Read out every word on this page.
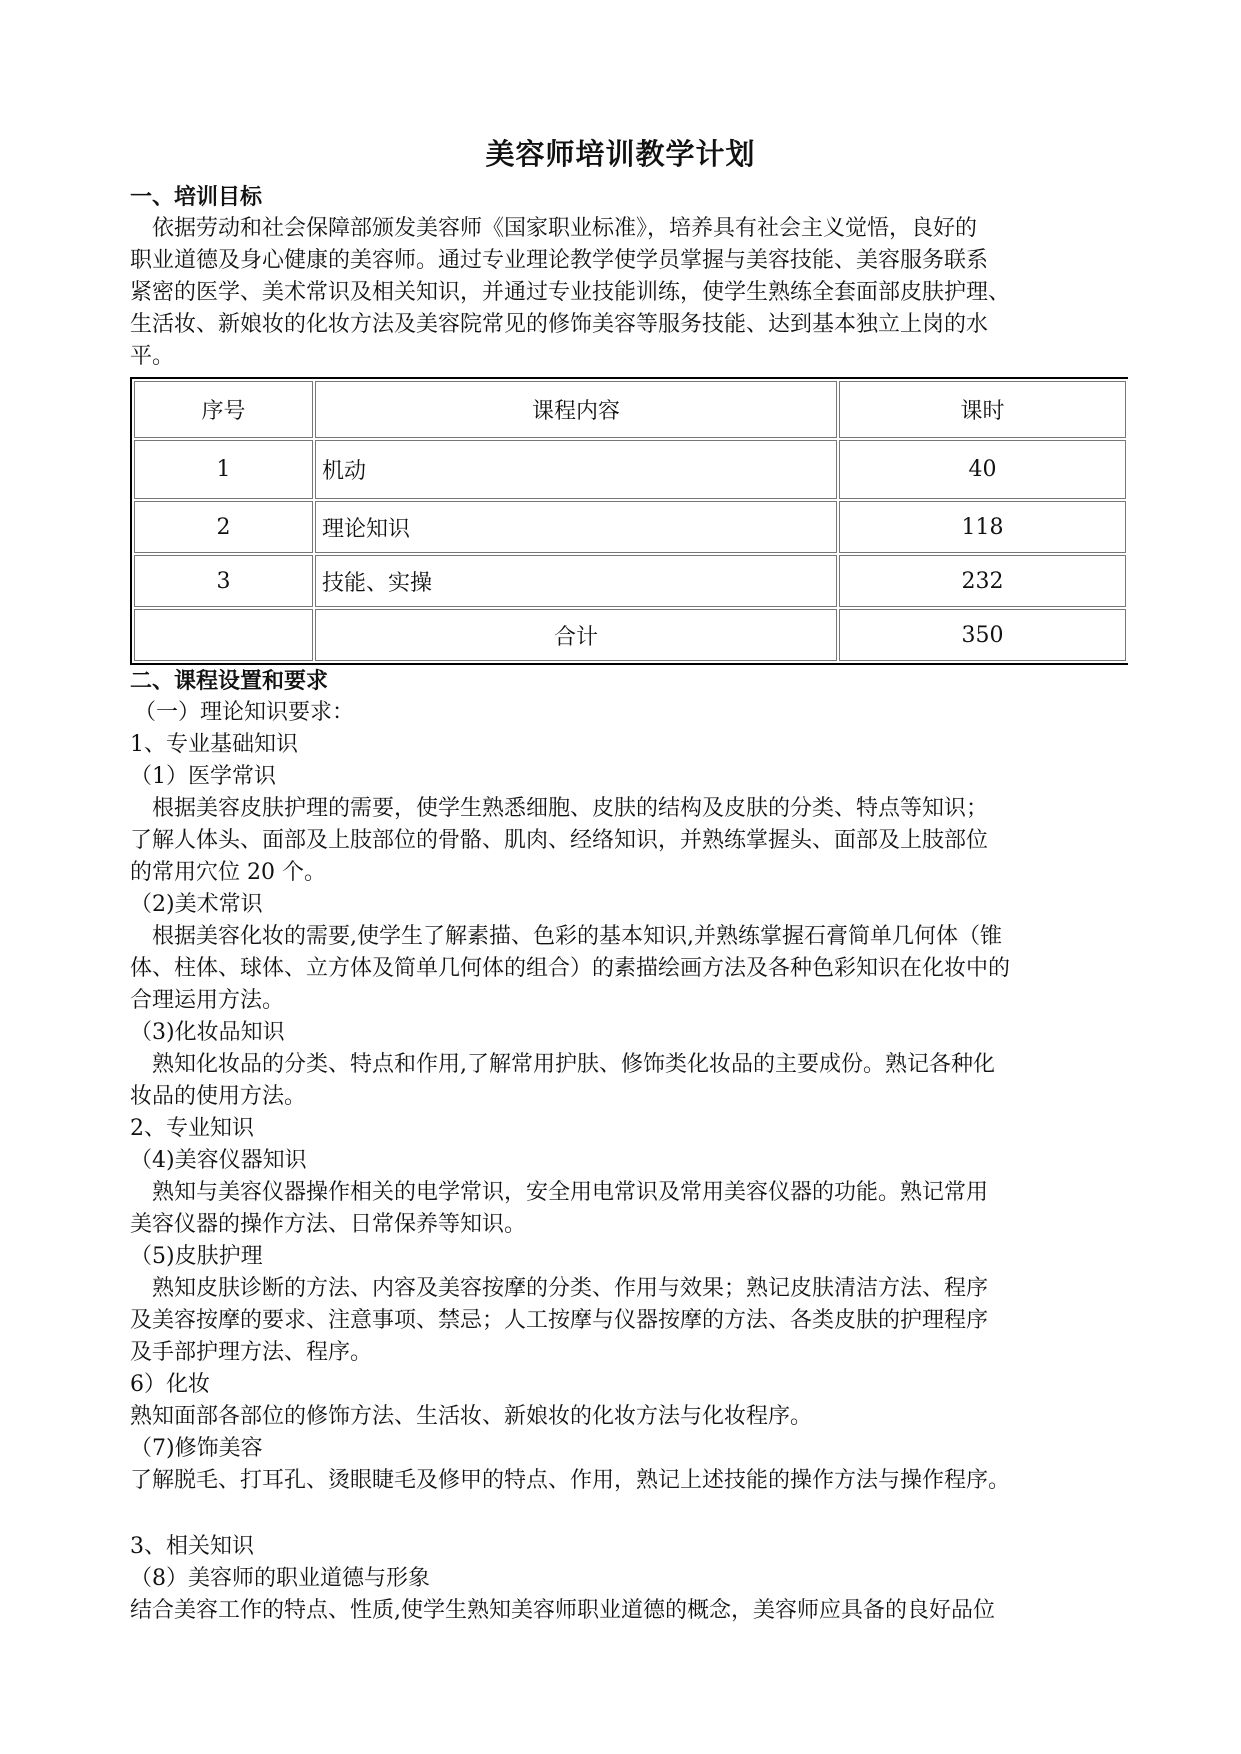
美容师培训教学计划
一、培训目标
依据劳动和社会保障部颁发美容师《国家职业标准》，培养具有社会主义觉悟，良好的
职业道德及身心健康的美容师。通过专业理论教学使学员掌握与美容技能、美容服务联系
紧密的医学、美术常识及相关知识，并通过专业技能训练，使学生熟练全套面部皮肤护理、
生活妆、新娘妆的化妆方法及美容院常见的修饰美容等服务技能、达到基本独立上岗的水
平。
序号	课程内容	课时
1	机动	40
2	理论知识	118
3	技能、实操	232
	合计	350
二、课程设置和要求
（一）理论知识要求：
1、专业基础知识
（1）医学常识
根据美容皮肤护理的需要，使学生熟悉细胞、皮肤的结构及皮肤的分类、特点等知识；
了解人体头、面部及上肢部位的骨骼、肌肉、经络知识，并熟练掌握头、面部及上肢部位
的常用穴位 20 个。
（2)美术常识
根据美容化妆的需要,使学生了解素描、色彩的基本知识,并熟练掌握石膏简单几何体（锥
体、柱体、球体、立方体及简单几何体的组合）的素描绘画方法及各种色彩知识在化妆中的
合理运用方法。
（3)化妆品知识
熟知化妆品的分类、特点和作用,了解常用护肤、修饰类化妆品的主要成份。熟记各种化
妆品的使用方法。
2、专业知识
（4)美容仪器知识
熟知与美容仪器操作相关的电学常识，安全用电常识及常用美容仪器的功能。熟记常用
美容仪器的操作方法、日常保养等知识。
（5)皮肤护理
熟知皮肤诊断的方法、内容及美容按摩的分类、作用与效果；熟记皮肤清洁方法、程序
及美容按摩的要求、注意事项、禁忌；人工按摩与仪器按摩的方法、各类皮肤的护理程序
及手部护理方法、程序。
6）化妆
熟知面部各部位的修饰方法、生活妆、新娘妆的化妆方法与化妆程序。
（7)修饰美容
了解脱毛、打耳孔、烫眼睫毛及修甲的特点、作用，熟记上述技能的操作方法与操作程序。
3、相关知识
（8）美容师的职业道德与形象
结合美容工作的特点、性质,使学生熟知美容师职业道德的概念，美容师应具备的良好品位
